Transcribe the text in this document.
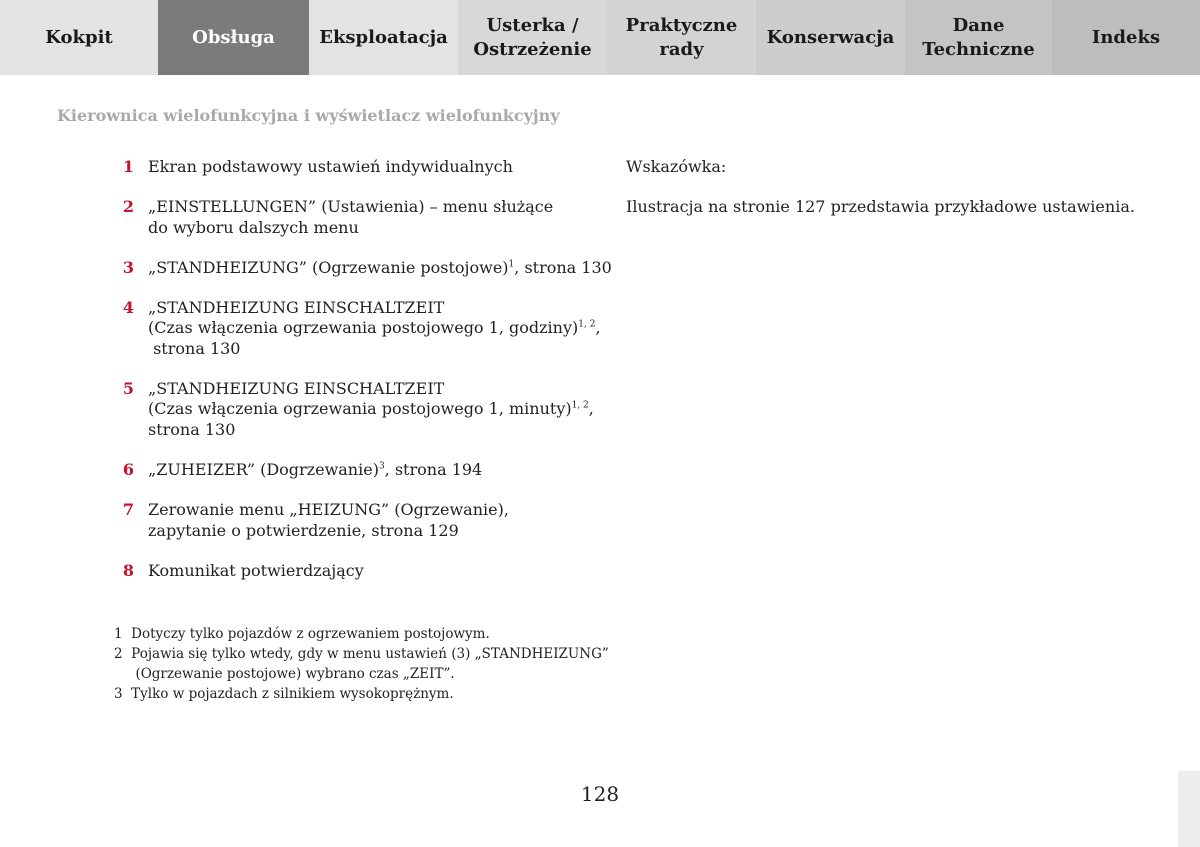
Kokpit	Obsługa	Eksploatacja
Usterka /
Ostrzeżenie
Praktyczne
rady
Konserwacja
Dane
Techniczne
Indeks
Kierownica wielofunkcyjna i wyświetlacz wielofunkcyjny
1 Ekran podstawowy ustawień indywidualnych
2 „EINSTELLUNGEN” (Ustawienia) – menu służące
do wyboru dalszych menu
3 „STANDHEIZUNG” (Ogrzewanie postojowe)$^1$, strona 130
4 „STANDHEIZUNG EINSCHALTZEIT
(Czas włączenia ogrzewania postojowego 1, godziny)$^{1, 2}$,
strona 130
5 „STANDHEIZUNG EINSCHALTZEIT
(Czas włączenia ogrzewania postojowego 1, minuty)$^{1, 2}$,
strona 130
6 „ZUHEIZER” (Dogrzewanie)$^3$, strona 194
7 Zerowanie menu „HEIZUNG” (Ogrzewanie),
zapytanie o potwierdzenie, strona 129
8 Komunikat potwierdzający
1  Dotyczy tylko pojazdów z ogrzewaniem postojowym.
2  Pojawia się tylko wtedy, gdy w menu ustawień (3) „STANDHEIZUNG”
(Ogrzewanie postojowe) wybrano czas „ZEIT”.
3  Tylko w pojazdach z silnikiem wysokoprężnym.
Wskazówka:
Ilustracja na stronie 127 przedstawia przykładowe ustawienia.
128
